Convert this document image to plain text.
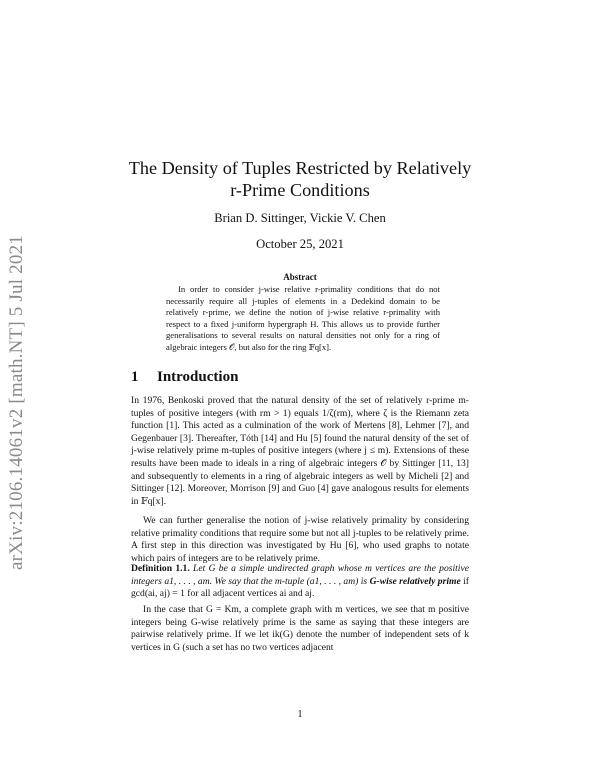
arXiv:2106.14061v2 [math.NT] 5 Jul 2021
The Density of Tuples Restricted by Relatively
r-Prime Conditions
Brian D. Sittinger, Vickie V. Chen
October 25, 2021
Abstract

In order to consider j-wise relative r-primality conditions that do not necessarily require all j-tuples of elements in a Dedekind domain to be relatively r-prime, we define the notion of j-wise relative r-primality with respect to a fixed j-uniform hypergraph H. This allows us to provide further generalisations to several results on natural densities not only for a ring of algebraic integers 𝒪, but also for the ring 𝔽q[x].

1 Introduction

In 1976, Benkoski proved that the natural density of the set of relatively r-prime m-tuples of positive integers (with rm > 1) equals 1/ζ(rm), where ζ is the Riemann zeta function [1]. This acted as a culmination of the work of Mertens [8], Lehmer [7], and Gegenbauer [3]. Thereafter, Tóth [14] and Hu [5] found the natural density of the set of j-wise relatively prime m-tuples of positive integers (where j ≤ m). Extensions of these results have been made to ideals in a ring of algebraic integers 𝒪 by Sittinger [11, 13] and subsequently to elements in a ring of algebraic integers as well by Micheli [2] and Sittinger [12]. Moreover, Morrison [9] and Guo [4] gave analogous results for elements in 𝔽q[x].

We can further generalise the notion of j-wise relatively primality by considering relative primality conditions that require some but not all j-tuples to be relatively prime. A first step in this direction was investigated by Hu [6], who used graphs to notate which pairs of integers are to be relatively prime.

Definition 1.1. Let G be a simple undirected graph whose m vertices are the positive integers a1, . . . , am. We say that the m-tuple (a1, . . . , am) is G-wise relatively prime if gcd(ai, aj) = 1 for all adjacent vertices ai and aj.

In the case that G = Km, a complete graph with m vertices, we see that m positive integers being G-wise relatively prime is the same as saying that these integers are pairwise relatively prime. If we let ik(G) denote the number of independent sets of k vertices in G (such a set has no two vertices adjacent

1
